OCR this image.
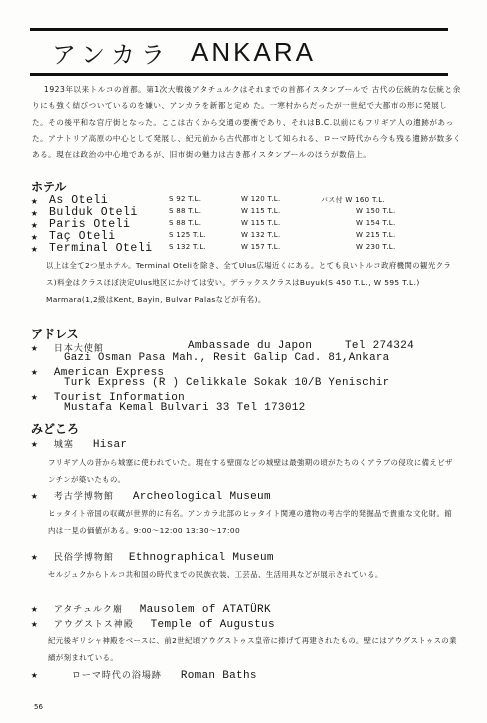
アンカラ ANKARA
1923年以来トルコの首都。第1次大戦後アタチュルクはそれまでの首都イスタンブールで 古代の伝統的な伝統と余りにも強く結びついているのを嫌い、アンカラを新都と定め た。一寒村からだったが一世紀で大都市の形に発展した。その後平和な官庁街となった。ここは古くから交通の要衝であり、それはB.C.以前にもフリギア人の遺跡があった。アナトリア高原の中心として発展し、紀元前から古代都市として知られる、ローマ時代から今も残る遺跡が数多くある。現在は政治の中心地であるが、旧市街の魅力は古き都イスタンブールのほうが数倍上。
ホテル
★ As Oteli	S 92 T.L.	W 120 T.L.	バス付 W 160 T.L.
★ Bulduk Oteli	S 88 T.L.	W 115 T.L.	W 150 T.L.
★ Paris Oteli	S 88 T.L.	W 115 T.L.	W 154 T.L.
★ Taç Oteli	S 125 T.L.	W 132 T.L.	W 215 T.L.
★ Terminal Oteli S 132 T.L.	W 157 T.L.	W 230 T.L.
以上は全て2つ星ホテル。Terminal Oteliを除き、全てUlus広場近くにある。とても良いトルコ政府機関の観光クラス)料金はクラスほぼ決定Ulus地区にかけては安い。デラックスクラスはBuyuk(S 450 T.L., W 595 T.L.) Marmara(1,2級はKent, Bayin, Bulvar Palasなどが有名)。
アドレス
★ 日本大使館	Ambassade du Japon	Tel 274324
Gazi Osman Pasa Mah., Resit Galip Cad. 81,Ankara
★ American Express
Turk Express (R ) Celikkale Sokak 10/B Yenischir
★ Tourist Information
Mustafa Kemal Bulvari 33 Tel 173012
みどころ
★ 城塞 Hisar
フリギア人の昔から城塞に使われていた。現在する壁面などの城壁は最強期の頃がたちのくアラブの侵攻に備えビザンチンが築いたもの。
★ 考古学博物館 Archeological Museum
ヒッタイト帝国の収蔵が世界的に有名。アンカラ北部のヒッタイト関連の遺物の考古学的発掘品で貴重な文化財。館内は一見の価値がある。9:00～12:00 13:30～17:00
★ 民俗学博物館 Ethnographical Museum
セルジュクからトルコ共和国の時代までの民族衣装、工芸品、生活用具などが展示されている。
★ アタチュルク廟 Mausolem of ATATÜRK
★ アウグストス神殿 Temple of Augustus
紀元後ギリシャ神殿をベースに、前2世紀頃アウグストゥス皇帝に捧げて再建されたもの。壁にはアウグストゥスの業績が刻まれている。
★	ローマ時代の浴場跡 Roman Baths
56
